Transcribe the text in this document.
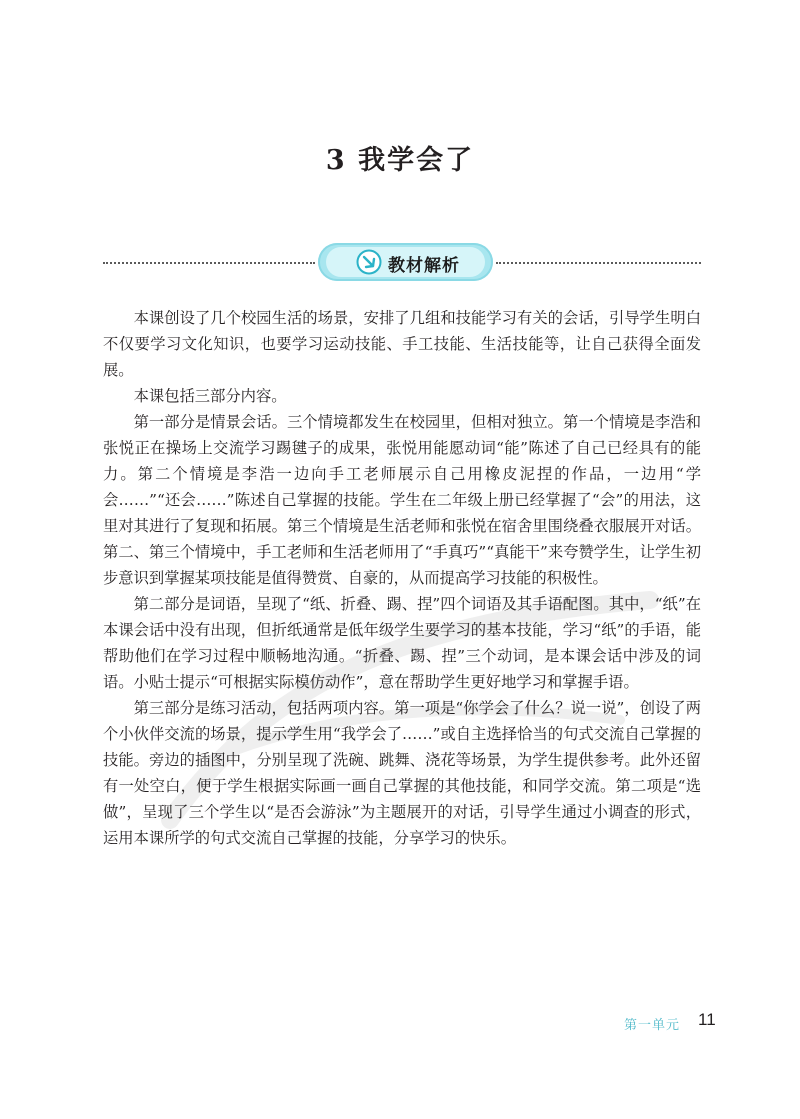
3 我学会了
教材解析

本课创设了几个校园生活的场景，安排了几组和技能学习有关的会话，引导学生明白不仅要学习文化知识，也要学习运动技能、手工技能、生活技能等，让自己获得全面发展。

本课包括三部分内容。

第一部分是情景会话。三个情境都发生在校园里，但相对独立。第一个情境是李浩和张悦正在操场上交流学习踢毽子的成果，张悦用能愿动词“能”陈述了自己已经具有的能力。第二个情境是李浩一边向手工老师展示自己用橡皮泥捏的作品，一边用“学会……”“还会……”陈述自己掌握的技能。学生在二年级上册已经掌握了“会”的用法，这里对其进行了复现和拓展。第三个情境是生活老师和张悦在宿舍里围绕叠衣服展开对话。第二、第三个情境中，手工老师和生活老师用了“手真巧”“真能干”来夸赞学生，让学生初步意识到掌握某项技能是值得赞赏、自豪的，从而提高学习技能的积极性。

第二部分是词语，呈现了“纸、折叠、踢、捏”四个词语及其手语配图。其中，“纸”在本课会话中没有出现，但折纸通常是低年级学生要学习的基本技能，学习“纸”的手语，能帮助他们在学习过程中顺畅地沟通。“折叠、踢、捏”三个动词，是本课会话中涉及的词语。小贴士提示“可根据实际模仿动作”，意在帮助学生更好地学习和掌握手语。

第三部分是练习活动，包括两项内容。第一项是“你学会了什么？说一说”，创设了两个小伙伴交流的场景，提示学生用“我学会了……”或自主选择恰当的句式交流自己掌握的技能。旁边的插图中，分别呈现了洗碗、跳舞、浇花等场景，为学生提供参考。此外还留有一处空白，便于学生根据实际画一画自己掌握的其他技能，和同学交流。第二项是“选做”，呈现了三个学生以“是否会游泳”为主题展开的对话，引导学生通过小调查的形式，运用本课所学的句式交流自己掌握的技能，分享学习的快乐。

第一单元 11
